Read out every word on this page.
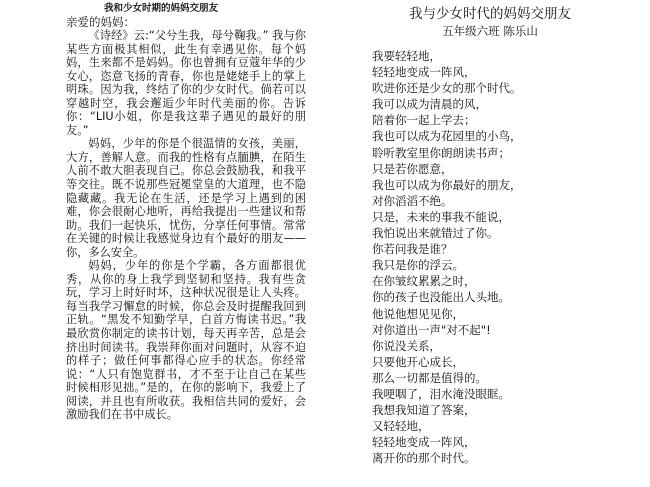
我和少女时期的妈妈交朋友
亲爱的妈妈：

《诗经》云:“父兮生我，母兮鞠我。” 我与你某些方面极其相似，此生有幸遇见你。每个妈妈，生来都不是妈妈。你也曾拥有豆蔻年华的少女心，恣意飞扬的青春，你也是姥姥手上的掌上明珠。因为我，终结了你的少女时代。倘若可以穿越时空，我会邂逅少年时代美丽的你。告诉你：“LIU小姐，你是我这辈子遇见的最好的朋友。”

妈妈，少年的你是个很温情的女孩，美丽，大方，善解人意。而我的性格有点腼腆，在陌生人前不敢大胆表现自己。你总会鼓励我，和我平等交往。既不说那些冠冕堂皇的大道理，也不隐隐藏藏。我无论在生活，还是学习上遇到的困难，你会很耐心地听，再给我提出一些建议和帮助。我们一起快乐，忧伤，分享任何事情。常常在关键的时候让我感觉身边有个最好的朋友——你，多么安全。

妈妈，少年的你是个学霸，各方面都很优秀，从你的身上我学到坚韧和坚持。我有些贪玩，学习上时好时坏，这种状况很是让人头疼。每当我学习懈怠的时候，你总会及时提醒我回到正轨。“黑发不知勤学早，白首方悔读书迟。”我最欣赏你制定的读书计划，每天再辛苦，总是会挤出时间读书。我崇拜你面对问题时，从容不迫的样子；做任何事都得心应手的状态。你经常说：“人只有饱览群书，才不至于让自己在某些时候相形见拙。”是的，在你的影响下，我爱上了阅读，并且也有所收获。我相信共同的爱好，会激励我们在书中成长。

我与少女时代的妈妈交朋友
五年级六班 陈乐山
我要轻轻地，
轻轻地变成一阵风，
吹进你还是少女的那个时代。
我可以成为清晨的风，
陪着你一起上学去；
我也可以成为花园里的小鸟，
聆听教室里你朗朗读书声；
只是若你愿意，
我也可以成为你最好的朋友，
对你滔滔不绝。
只是，未来的事我不能说，
我怕说出来就错过了你。
你若问我是谁？
我只是你的浮云。
在你皱纹累累之时，
你的孩子也没能出人头地。
他说他想见见你，
对你道出一声"对不起"!
你说没关系，
只要他开心成长，
那么一切都是值得的。
我哽咽了，泪水淹没眼眶。
我想我知道了答案，
又轻轻地，
轻轻地变成一阵风，
离开你的那个时代。
